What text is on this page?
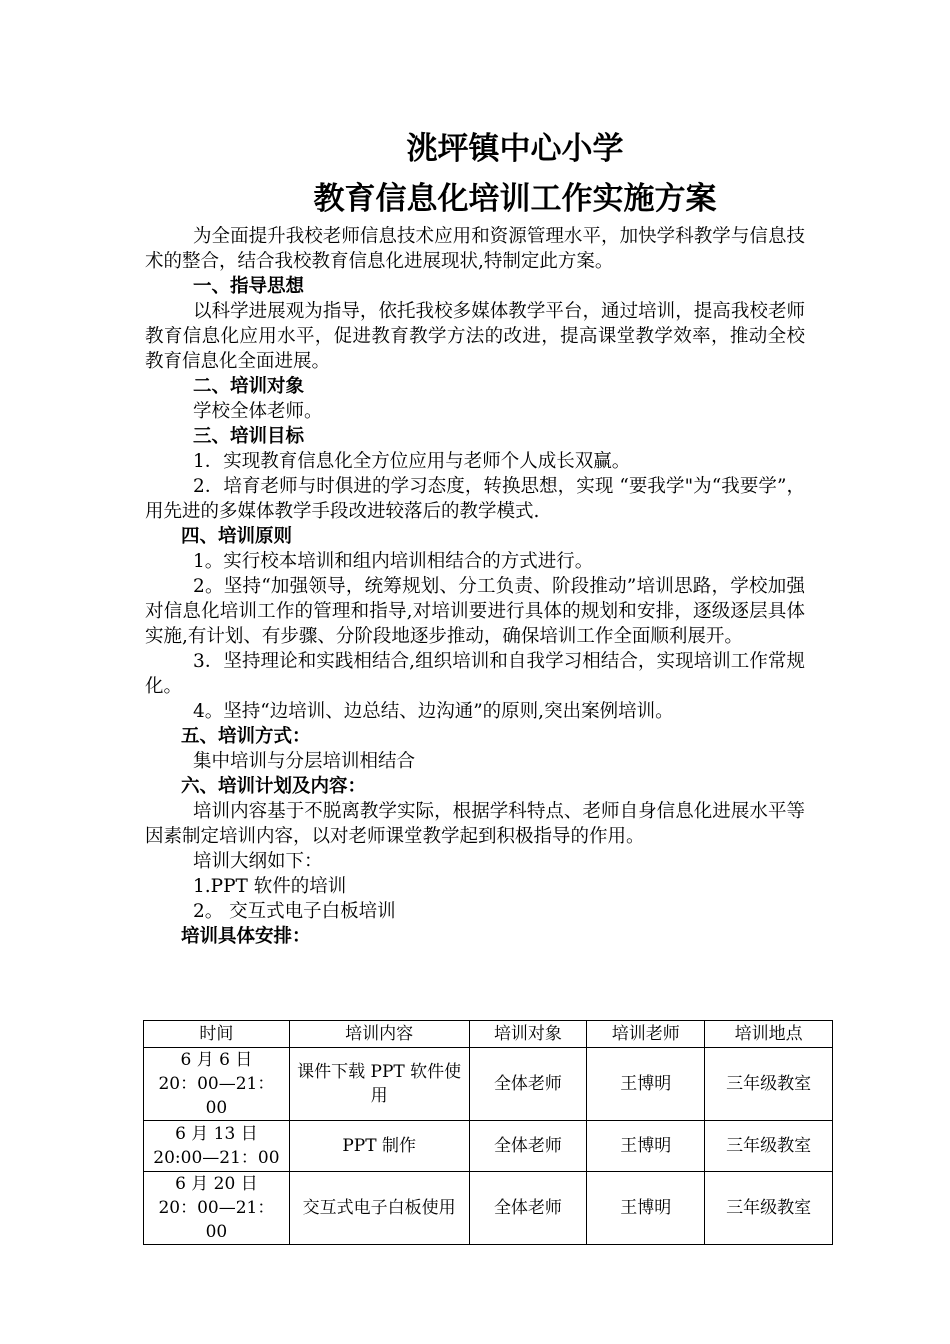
洮坪镇中心小学
教育信息化培训工作实施方案

为全面提升我校老师信息技术应用和资源管理水平，加快学科教学与信息技术的整合，结合我校教育信息化进展现状,特制定此方案。

一、指导思想

以科学进展观为指导，依托我校多媒体教学平台，通过培训，提高我校老师教育信息化应用水平，促进教育教学方法的改进，提高课堂教学效率，推动全校教育信息化全面进展。

二、培训对象

学校全体老师。

三、培训目标

1．实现教育信息化全方位应用与老师个人成长双赢。

2．培育老师与时俱进的学习态度，转换思想，实现 “要我学"为“我要学”，用先进的多媒体教学手段改进较落后的教学模式.

四、培训原则

1。实行校本培训和组内培训相结合的方式进行。

2。坚持“加强领导，统筹规划、分工负责、阶段推动”培训思路，学校加强对信息化培训工作的管理和指导,对培训要进行具体的规划和安排，逐级逐层具体实施,有计划、有步骤、分阶段地逐步推动，确保培训工作全面顺利展开。

3．坚持理论和实践相结合,组织培训和自我学习相结合，实现培训工作常规化。

4。坚持“边培训、边总结、边沟通”的原则,突出案例培训。

五、培训方式：

集中培训与分层培训相结合

六、培训计划及内容：

培训内容基于不脱离教学实际，根据学科特点、老师自身信息化进展水平等因素制定培训内容，以对老师课堂教学起到积极指导的作用。

培训大纲如下：

1.PPT 软件的培训

2。 交互式电子白板培训

培训具体安排：

时间	培训内容	培训对象	培训老师	培训地点

6 月 6 日
20：00—21：00	课件下载 PPT 软件使用	全体老师	王博明	三年级教室

6 月 13 日
20:00—21：00	PPT 制作	全体老师	王博明	三年级教室

6 月 20 日
20：00—21：00	交互式电子白板使用	全体老师	王博明	三年级教室
